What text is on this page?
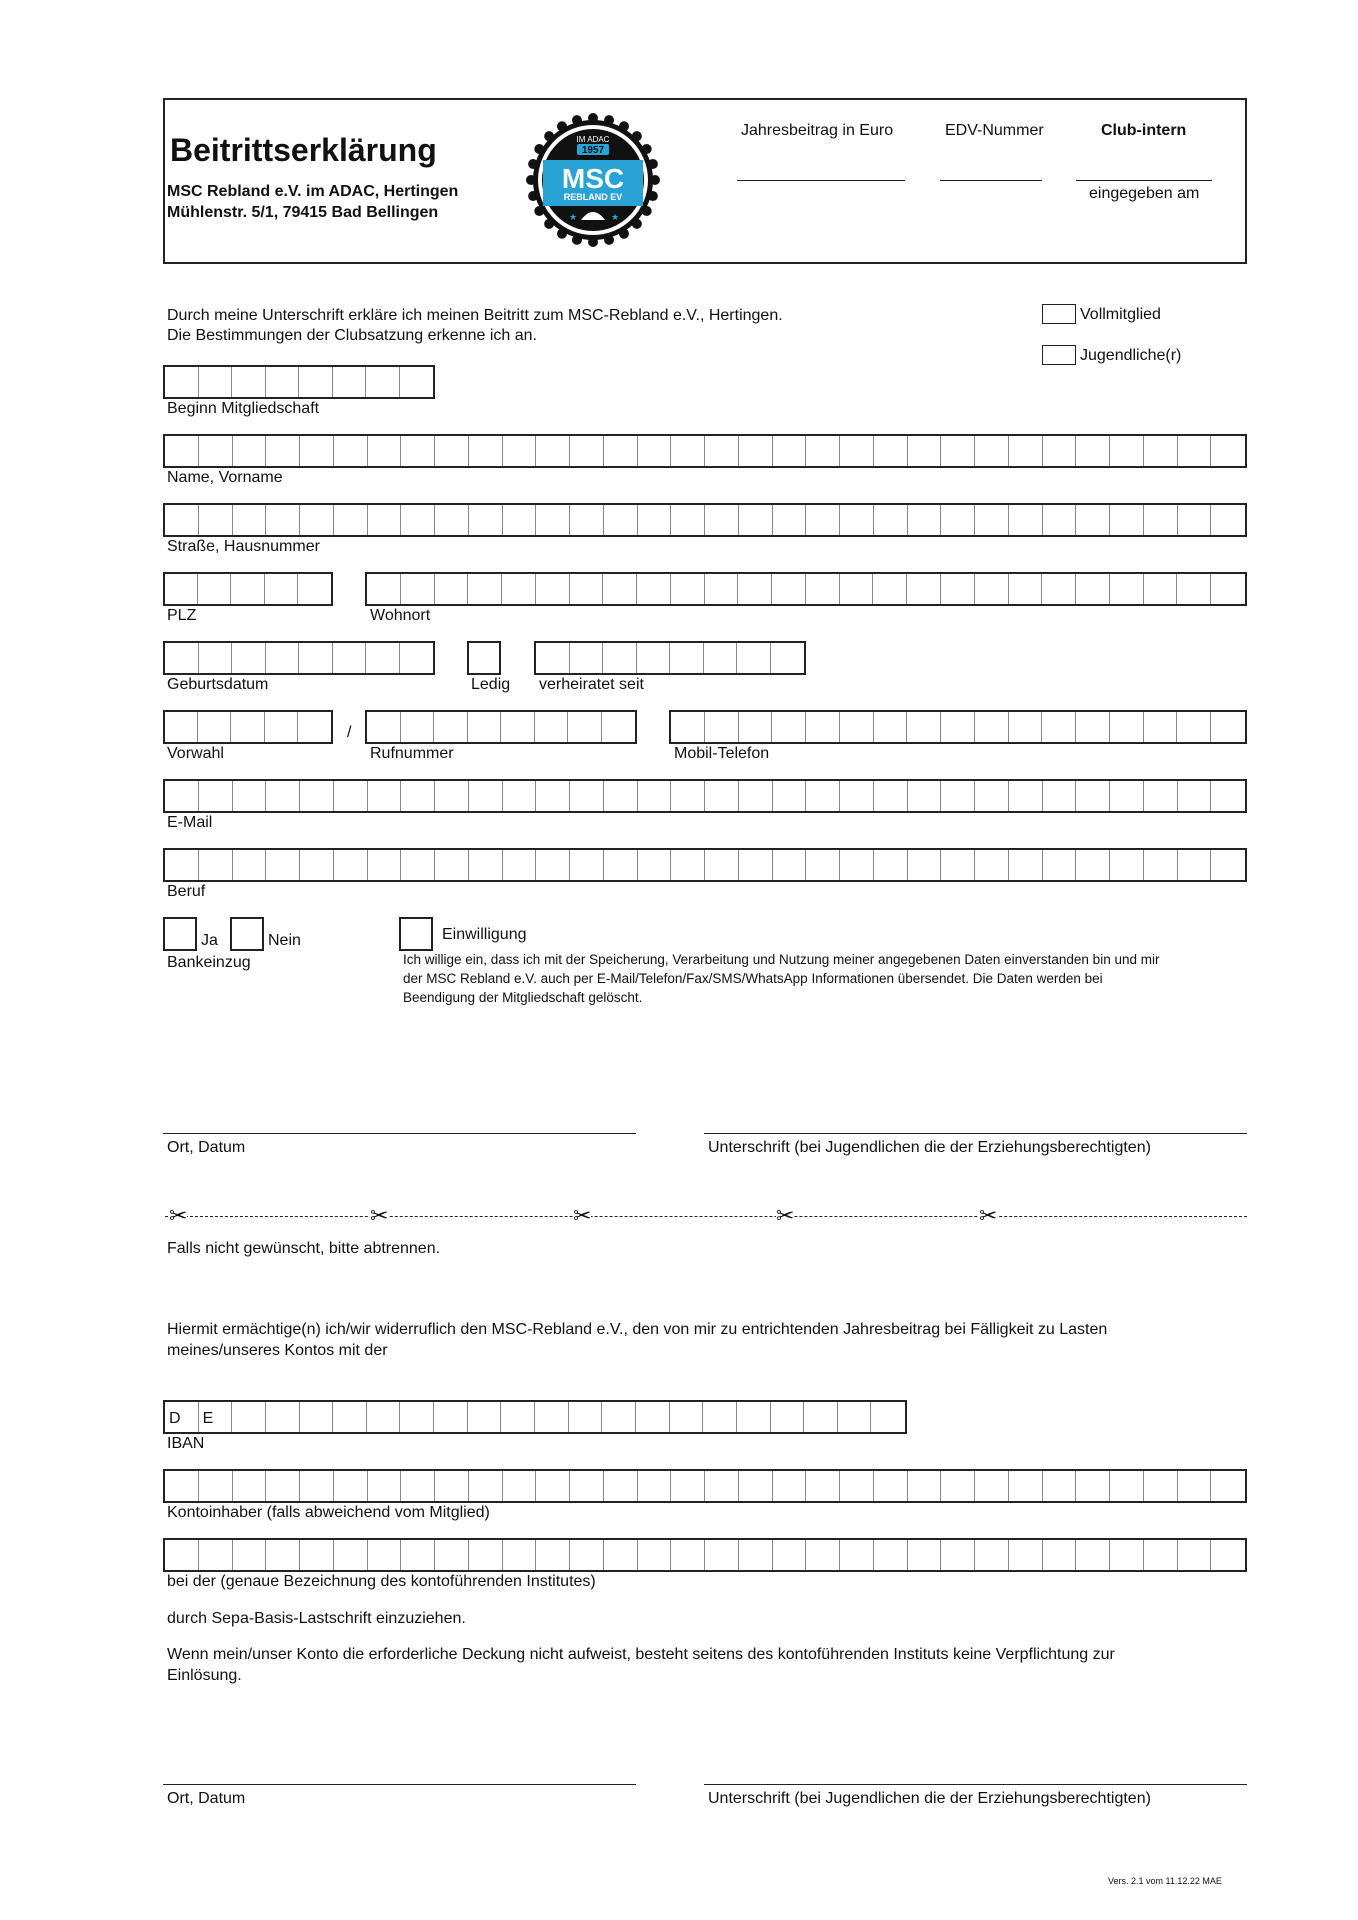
Beitrittserklärung
MSC Rebland e.V. im ADAC, Hertingen
Mühlenstr. 5/1, 79415 Bad Bellingen
IM ADAC
1957
MSC
REBLAND EV
★	★
Jahresbeitrag in Euro	EDV-Nummer	Club-intern
eingegeben am
Durch meine Unterschrift erkläre ich meinen Beitritt zum MSC-Rebland e.V., Hertingen.
Die Bestimmungen der Clubsatzung erkenne ich an.
Vollmitglied
Jugendliche(r)
Beginn Mitgliedschaft
Name, Vorname
Straße, Hausnummer
PLZ	Wohnort
Geburtsdatum	Ledig verheiratet seit
Vorwahl
/
Rufnummer	Mobil-Telefon
E-Mail
Beruf
Ja	Nein
Bankeinzug
Einwilligung
Ich willige ein, dass ich mit der Speicherung, Verarbeitung und Nutzung meiner angegebenen Daten einverstanden bin und mir
der MSC Rebland e.V. auch per E-Mail/Telefon/Fax/SMS/WhatsApp Informationen übersendet. Die Daten werden bei
Beendigung der Mitgliedschaft gelöscht.
Ort, Datum	Unterschrift (bei Jugendlichen die der Erziehungsberechtigten)
✂	✂	✂	✂	✂
Falls nicht gewünscht, bitte abtrennen.
Hiermit ermächtige(n) ich/wir widerruflich den MSC-Rebland e.V., den von mir zu entrichtenden Jahresbeitrag bei Fälligkeit zu Lasten
meines/unseres Kontos mit der
D	E
IBAN
Kontoinhaber (falls abweichend vom Mitglied)
bei der (genaue Bezeichnung des kontoführenden Institutes)
durch Sepa-Basis-Lastschrift einzuziehen.
Wenn mein/unser Konto die erforderliche Deckung nicht aufweist, besteht seitens des kontoführenden Instituts keine Verpflichtung zur
Einlösung.
Ort, Datum	Unterschrift (bei Jugendlichen die der Erziehungsberechtigten)
Vers. 2.1 vom 11.12.22 MAE
